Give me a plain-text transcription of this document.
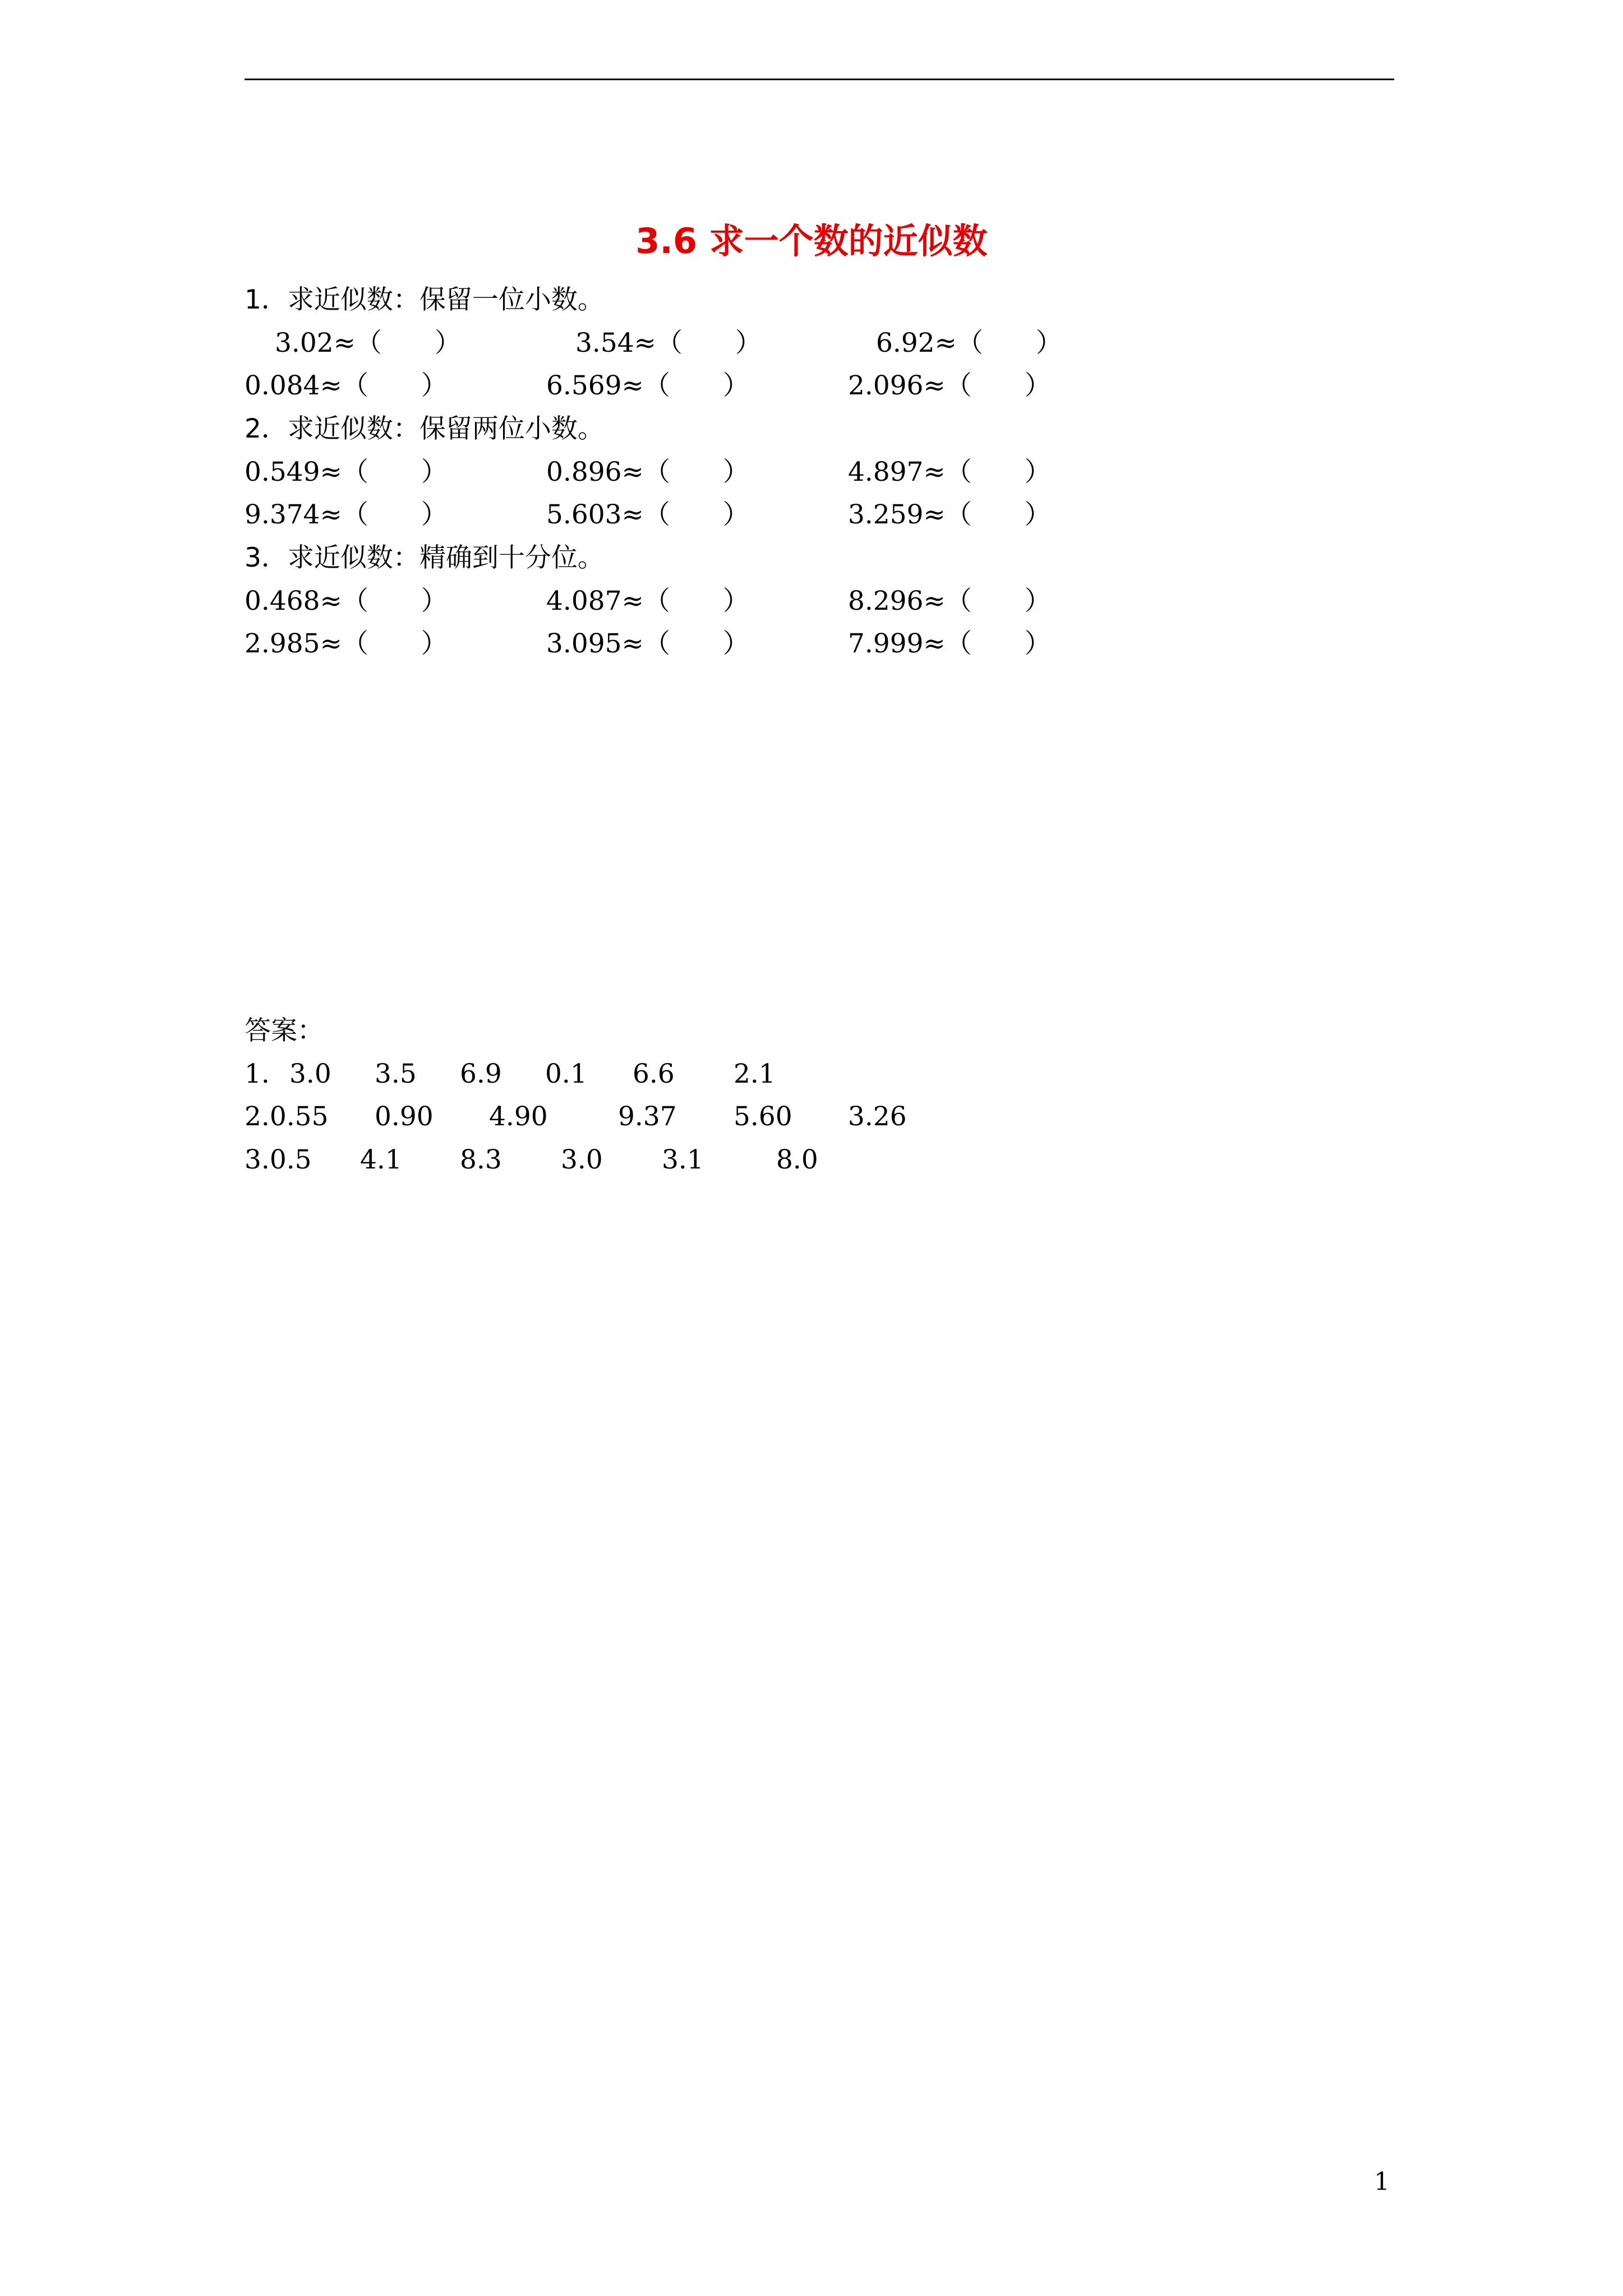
3.6 求一个数的近似数
1．求近似数：保留一位小数。
3.02≈（　　）	3.54≈（　　）	6.92≈（　　）
0.084≈（　　）	6.569≈（　　）	2.096≈（　　）
2．求近似数：保留两位小数。
0.549≈（　　）	0.896≈（　　）	4.897≈（　　）
9.374≈（　　）	5.603≈（　　）	3.259≈（　　）
3．求近似数：精确到十分位。
0.468≈（　　）	4.087≈（　　）	8.296≈（　　）
2.985≈（　　）	3.095≈（　　）	7.999≈（　　）
答案：
1. 3.0 3.5 6.9 0.1 6.6 2.1
2.0.55 0.90 4.90	9.37 5.60 3.26
3.0.5 4.1 8.3 3.0 3.1	8.0
1
